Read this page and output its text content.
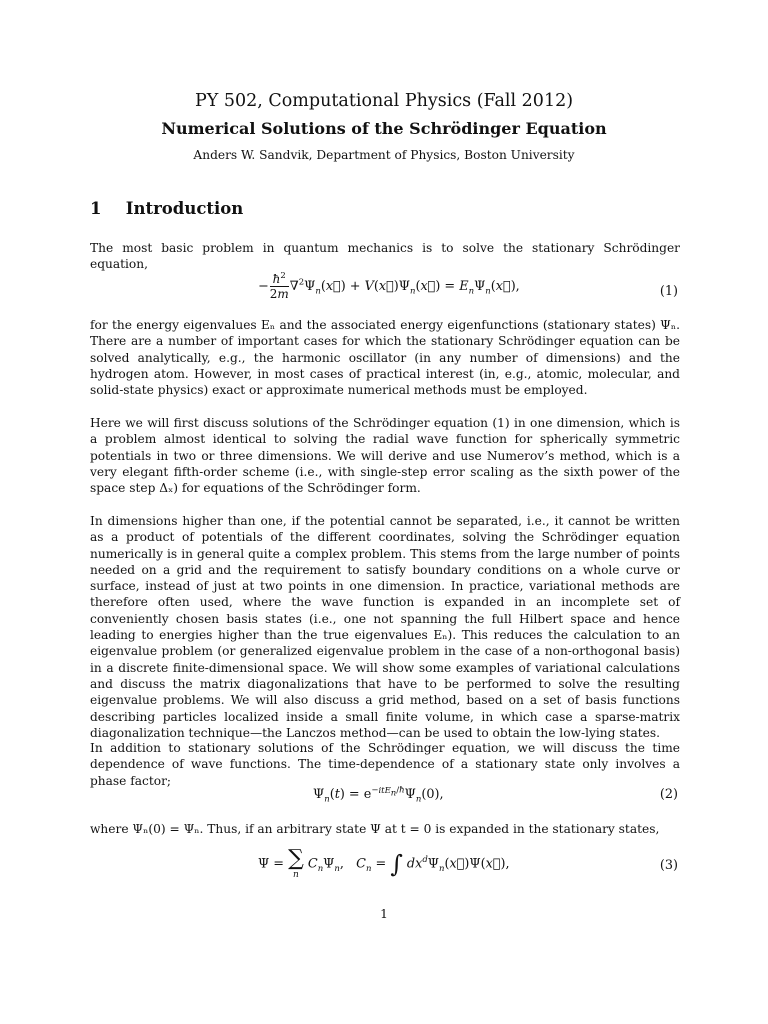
PY 502, Computational Physics (Fall 2012)
Numerical Solutions of the Schrödinger Equation
Anders W. Sandvik, Department of Physics, Boston University
1 Introduction

The most basic problem in quantum mechanics is to solve the stationary Schrödinger equation,

− $\frac{ħ^2}{2m}$ $\nabla^2\Psi_n(x⃗)$ + $V(x⃗)\Psi_n(x⃗)$ = $E_n\Psi_n(x⃗)$,	(1)

for the energy eigenvalues Eₙ and the associated energy eigenfunctions (stationary states) Ψₙ. There are a number of important cases for which the stationary Schrödinger equation can be solved analytically, e.g., the harmonic oscillator (in any number of dimensions) and the hydrogen atom. However, in most cases of practical interest (in, e.g., atomic, molecular, and solid-state physics) exact or approximate numerical methods must be employed.

Here we will first discuss solutions of the Schrödinger equation (1) in one dimension, which is a problem almost identical to solving the radial wave function for spherically symmetric potentials in two or three dimensions. We will derive and use Numerov’s method, which is a very elegant fifth-order scheme (i.e., with single-step error scaling as the sixth power of the space step Δₓ) for equations of the Schrödinger form.

In dimensions higher than one, if the potential cannot be separated, i.e., it cannot be written as a product of potentials of the different coordinates, solving the Schrödinger equation numerically is in general quite a complex problem. This stems from the large number of points needed on a grid and the requirement to satisfy boundary conditions on a whole curve or surface, instead of just at two points in one dimension. In practice, variational methods are therefore often used, where the wave function is expanded in an incomplete set of conveniently chosen basis states (i.e., one not spanning the full Hilbert space and hence leading to energies higher than the true eigenvalues Eₙ). This reduces the calculation to an eigenvalue problem (or generalized eigenvalue problem in the case of a non-orthogonal basis) in a discrete finite-dimensional space. We will show some examples of variational calculations and discuss the matrix diagonalizations that have to be performed to solve the resulting eigenvalue problems. We will also discuss a grid method, based on a set of basis functions describing particles localized inside a small finite volume, in which case a sparse-matrix diagonalization technique—the Lanczos method—can be used to obtain the low-lying states.

In addition to stationary solutions of the Schrödinger equation, we will discuss the time dependence of wave functions. The time-dependence of a stationary state only involves a phase factor;

$\Psi_n(t) = e^{-itE_n/ħ}\Psi_n(0)$,	(2)

where Ψₙ(0) = Ψₙ. Thus, if an arbitrary state Ψ at t = 0 is expanded in the stationary states,

Ψ = ∑
n
$C_n\Psi_n$,   $C_n$ = ∫ $dx^d\Psi_n(x⃗)\Psi(x⃗)$,	(3)
1
